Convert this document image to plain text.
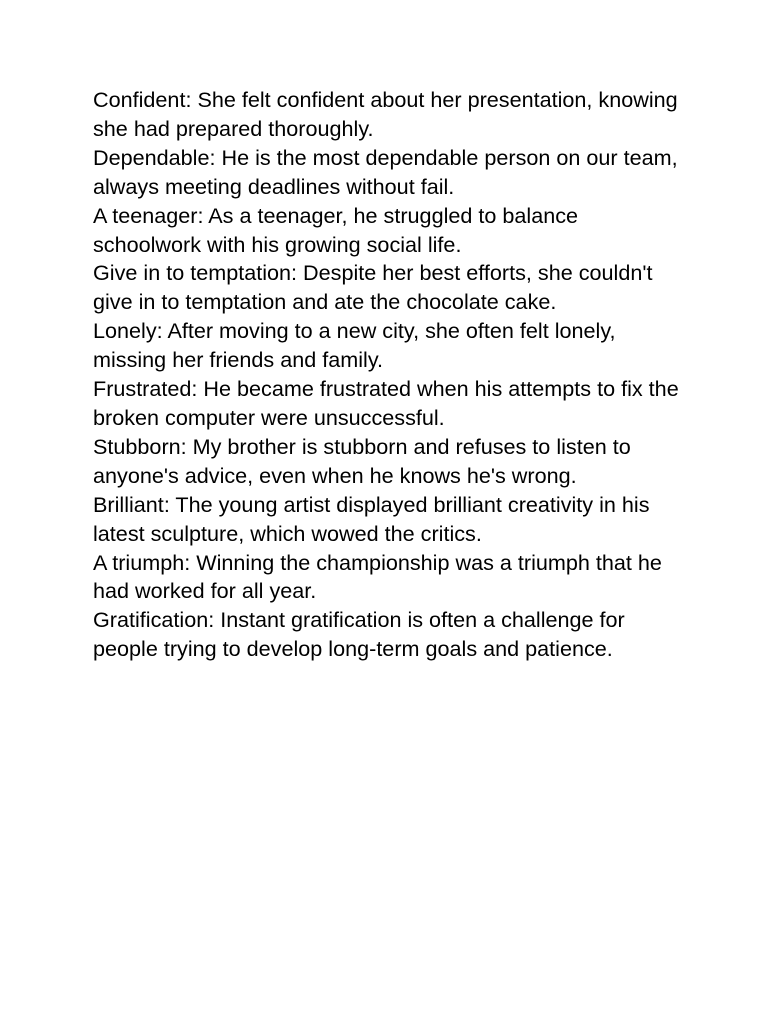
Confident: She felt confident about her presentation, knowing she had prepared thoroughly.

Dependable: He is the most dependable person on our team, always meeting deadlines without fail.

A teenager: As a teenager, he struggled to balance schoolwork with his growing social life.

Give in to temptation: Despite her best efforts, she couldn't give in to temptation and ate the chocolate cake.

Lonely: After moving to a new city, she often felt lonely, missing her friends and family.

Frustrated: He became frustrated when his attempts to fix the broken computer were unsuccessful.

Stubborn: My brother is stubborn and refuses to listen to anyone's advice, even when he knows he's wrong.

Brilliant: The young artist displayed brilliant creativity in his latest sculpture, which wowed the critics.

A triumph: Winning the championship was a triumph that he had worked for all year.

Gratification: Instant gratification is often a challenge for people trying to develop long-term goals and patience.
